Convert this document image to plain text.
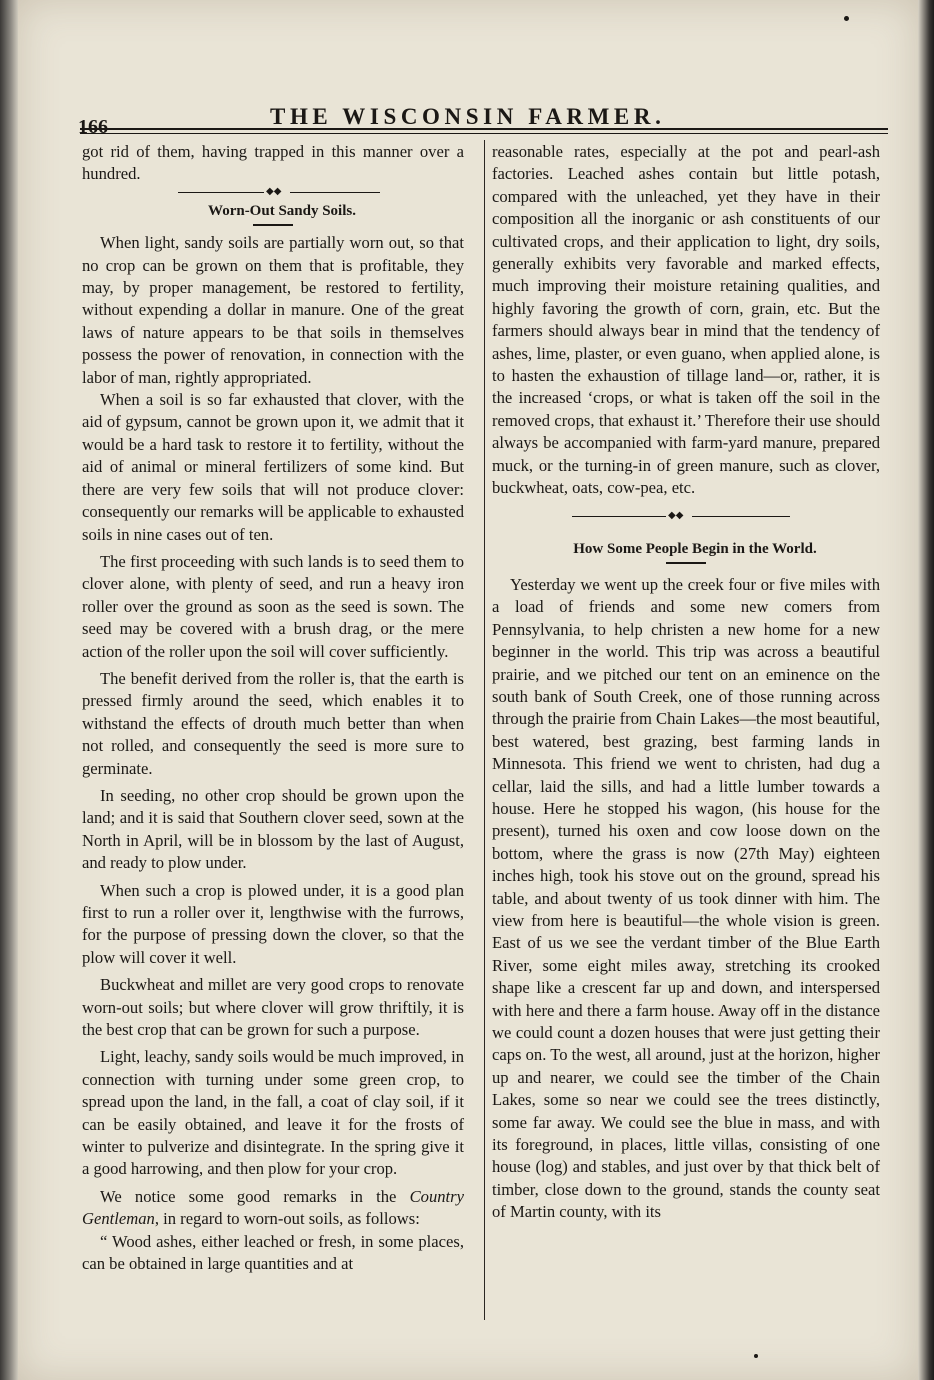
166	THE WISCONSIN FARMER.

got rid of them, having trapped in this manner over a hundred.

◆◆

Worn-Out Sandy Soils.

When light, sandy soils are partially worn out, so that no crop can be grown on them that is profitable, they may, by proper management, be restored to fertility, without expending a dollar in manure. One of the great laws of nature appears to be that soils in themselves possess the power of renovation, in connection with the labor of man, rightly appropriated.

When a soil is so far exhausted that clover, with the aid of gypsum, cannot be grown upon it, we admit that it would be a hard task to restore it to fertility, without the aid of animal or mineral fertilizers of some kind. But there are very few soils that will not produce clover: consequently our remarks will be applicable to exhausted soils in nine cases out of ten.

The first proceeding with such lands is to seed them to clover alone, with plenty of seed, and run a heavy iron roller over the ground as soon as the seed is sown. The seed may be covered with a brush drag, or the mere action of the roller upon the soil will cover sufficiently.

The benefit derived from the roller is, that the earth is pressed firmly around the seed, which enables it to withstand the effects of drouth much better than when not rolled, and consequently the seed is more sure to germinate.

In seeding, no other crop should be grown upon the land; and it is said that Southern clover seed, sown at the North in April, will be in blossom by the last of August, and ready to plow under.

When such a crop is plowed under, it is a good plan first to run a roller over it, lengthwise with the furrows, for the purpose of pressing down the clover, so that the plow will cover it well.

Buckwheat and millet are very good crops to renovate worn-out soils; but where clover will grow thriftily, it is the best crop that can be grown for such a purpose.

Light, leachy, sandy soils would be much improved, in connection with turning under some green crop, to spread upon the land, in the fall, a coat of clay soil, if it can be easily obtained, and leave it for the frosts of winter to pulverize and disintegrate. In the spring give it a good harrowing, and then plow for your crop.

We notice some good remarks in the Country Gentleman, in regard to worn-out soils, as follows:

“ Wood ashes, either leached or fresh, in some places, can be obtained in large quantities and at

reasonable rates, especially at the pot and pearl-ash factories. Leached ashes contain but little potash, compared with the unleached, yet they have in their composition all the inorganic or ash constituents of our cultivated crops, and their application to light, dry soils, generally exhibits very favorable and marked effects, much improving their moisture retaining qualities, and highly favoring the growth of corn, grain, etc. But the farmers should always bear in mind that the tendency of ashes, lime, plaster, or even guano, when applied alone, is to hasten the exhaustion of tillage land—or, rather, it is the increased ‘crops, or what is taken off the soil in the removed crops, that exhaust it.’ Therefore their use should always be accompanied with farm-yard manure, prepared muck, or the turning-in of green manure, such as clover, buckwheat, oats, cow-pea, etc.

◆◆

How Some People Begin in the World.

Yesterday we went up the creek four or five miles with a load of friends and some new comers from Pennsylvania, to help christen a new home for a new beginner in the world. This trip was across a beautiful prairie, and we pitched our tent on an eminence on the south bank of South Creek, one of those running across through the prairie from Chain Lakes—the most beautiful, best watered, best grazing, best farming lands in Minnesota. This friend we went to christen, had dug a cellar, laid the sills, and had a little lumber towards a house. Here he stopped his wagon, (his house for the present), turned his oxen and cow loose down on the bottom, where the grass is now (27th May) eighteen inches high, took his stove out on the ground, spread his table, and about twenty of us took dinner with him. The view from here is beautiful—the whole vision is green. East of us we see the verdant timber of the Blue Earth River, some eight miles away, stretching its crooked shape like a crescent far up and down, and interspersed with here and there a farm house. Away off in the distance we could count a dozen houses that were just getting their caps on. To the west, all around, just at the horizon, higher up and nearer, we could see the timber of the Chain Lakes, some so near we could see the trees distinctly, some far away. We could see the blue in mass, and with its foreground, in places, little villas, consisting of one house (log) and stables, and just over by that thick belt of timber, close down to the ground, stands the county seat of Martin county, with its
